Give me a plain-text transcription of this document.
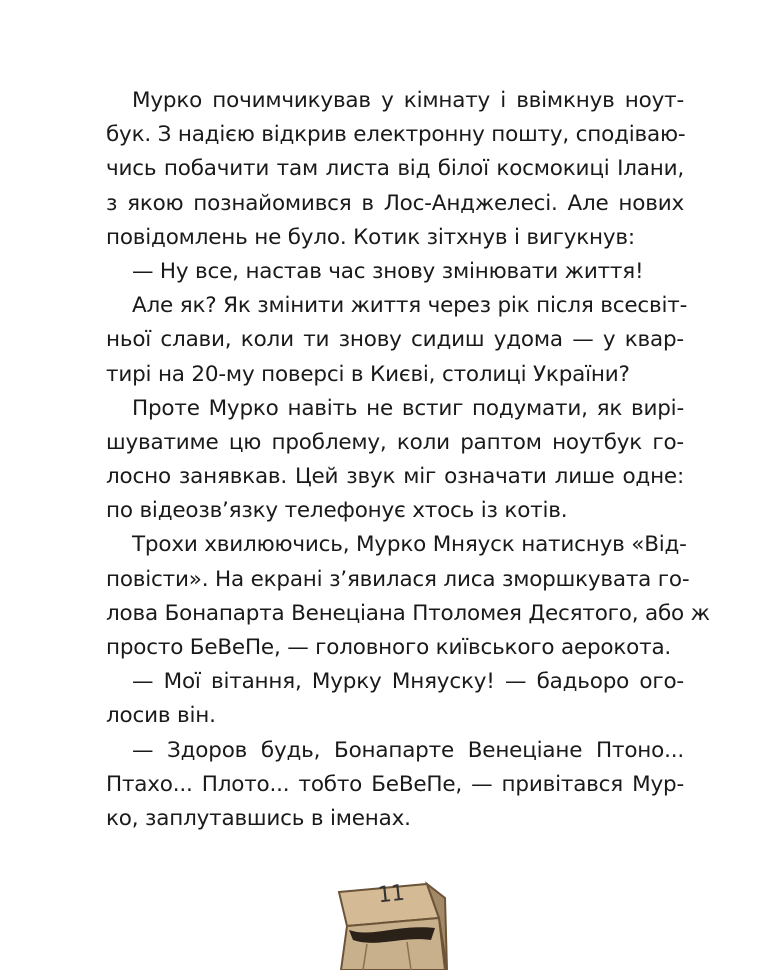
Мурко почимчикував у кімнату і ввімкнув ноут-
бук. З надією відкрив електронну пошту, сподіваю-
чись побачити там листа від білої космокиці Ілани,
з якою познайомився в Лос-Анджелесі. Але нових
повідомлень не було. Котик зітхнув і вигукнув:
— Ну все, настав час знову змінювати життя!
Але як? Як змінити життя через рік після всесвіт-
ньої слави, коли ти знову сидиш удома — у квар-
тирі на 20-му поверсі в Києві, столиці України?
Проте Мурко навіть не встиг подумати, як вирі-
шуватиме цю проблему, коли раптом ноутбук го-
лосно занявкав. Цей звук міг означати лише одне:
по відеозв’язку телефонує хтось із котів.
Трохи хвилюючись, Мурко Мняуск натиснув «Від-
повісти». На екрані з’явилася лиса зморшкувата го-
лова Бонапарта Венеціана Птоломея Десятого, або ж
просто БеВеПе, — головного київського аерокота.
— Мої вітання, Мурку Мняуску! — бадьоро ого-
лосив він.
— Здоров будь, Бонапарте Венеціане Птоно...
Птахо... Плото... тобто БеВеПе, — привітався Мур-
ко, заплутавшись в іменах.
11
